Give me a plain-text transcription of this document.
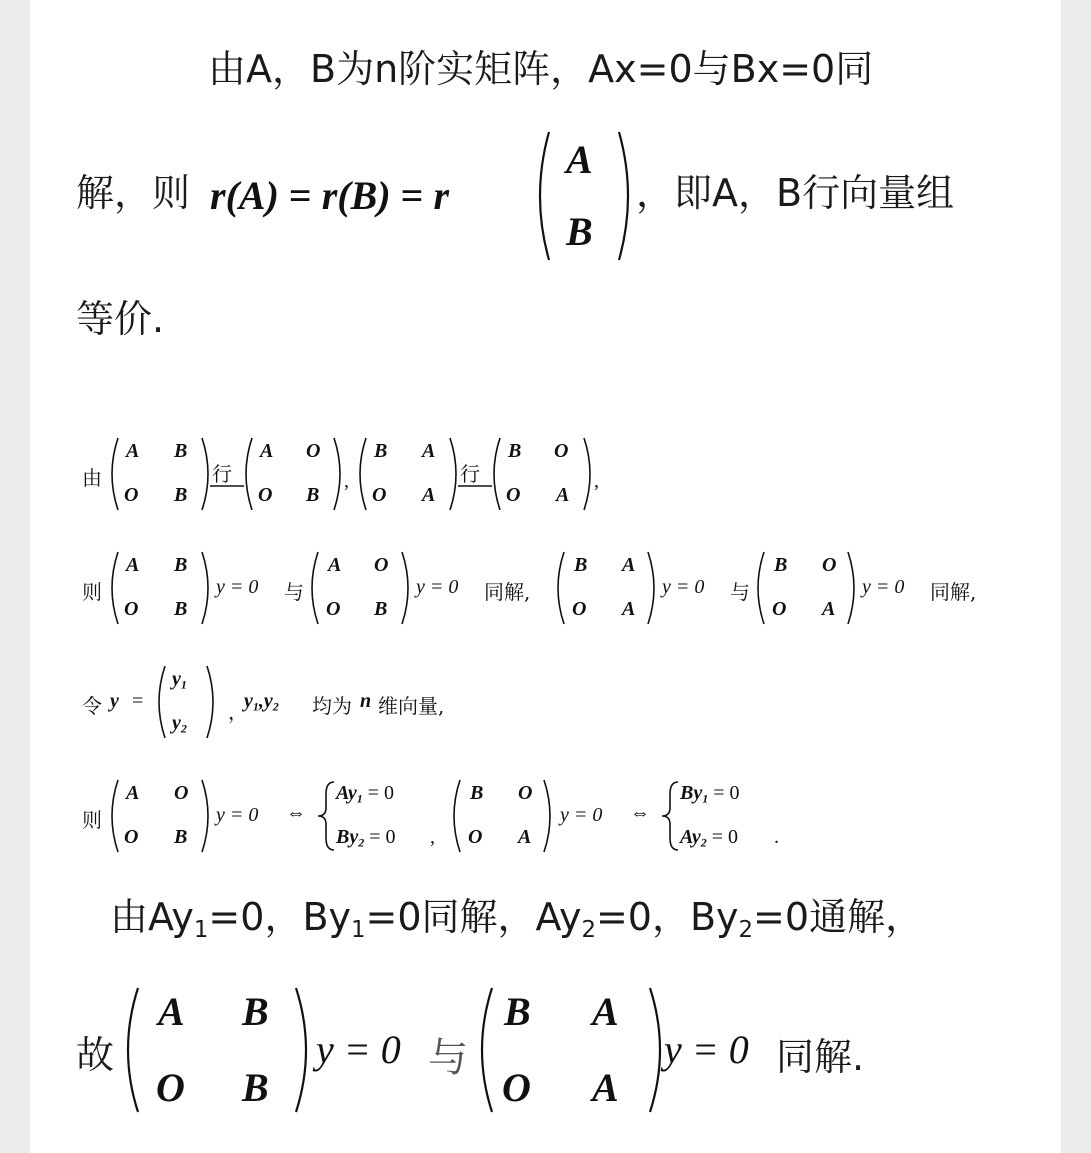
由A，B为n阶实矩阵，Ax=0与Bx=0同
解，则 r(A) = r(B) = r
A
B
，即A，B行向量组
等价.
由
A B
O B
行
A O
O B
,
B A
O A
行
B O
O A
,
则
A B
O B
y = 0 与
A O
O B
y = 0 同解,
B A
O A
y = 0 与
B O
O A
y = 0 同解,
令 y =
$y_1$
$y_2$
，
$y_1,y_2$ 均为 n 维向量,
则
A O
O B
y = 0 ⇔
$Ay_1 = 0$
$By_2 = 0$ ,
B O
O A
y = 0 ⇔
$By_1 = 0$
$Ay_2 = 0$ .
由$Ay_1=0$，$By_1=0$同解，$Ay_2=0$，$By_2=0$通解，
故
A B
O B
y = 0 与
B A
O A
y = 0 同解.
